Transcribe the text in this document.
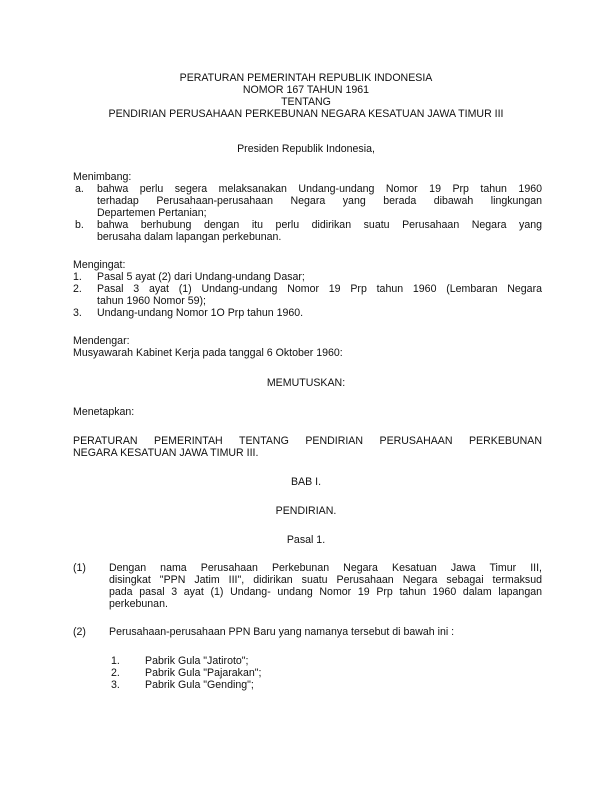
PERATURAN PEMERINTAH REPUBLIK INDONESIA
NOMOR 167 TAHUN 1961
TENTANG
PENDIRIAN PERUSAHAAN PERKEBUNAN NEGARA KESATUAN JAWA TIMUR III
Presiden Republik Indonesia,
Menimbang:
a. bahwa perlu segera melaksanakan Undang-undang Nomor 19 Prp tahun 1960
terhadap Perusahaan-perusahaan Negara yang berada dibawah lingkungan
Departemen Pertanian;
b. bahwa berhubung dengan itu perlu didirikan suatu Perusahaan Negara yang
berusaha dalam lapangan perkebunan.
Mengingat:
1. Pasal 5 ayat (2) dari Undang-undang Dasar;
2. Pasal 3 ayat (1) Undang-undang Nomor 19 Prp tahun 1960 (Lembaran Negara
tahun 1960 Nomor 59);
3. Undang-undang Nomor 1O Prp tahun 1960.
Mendengar:
Musyawarah Kabinet Kerja pada tanggal 6 Oktober 1960:
MEMUTUSKAN:
Menetapkan:
PERATURAN PEMERINTAH TENTANG PENDIRIAN PERUSAHAAN PERKEBUNAN
NEGARA KESATUAN JAWA TIMUR III.
BAB I.
PENDIRIAN.
Pasal 1.
(1) Dengan nama Perusahaan Perkebunan Negara Kesatuan Jawa Timur III,
disingkat "PPN Jatim III", didirikan suatu Perusahaan Negara sebagai termaksud
pada pasal 3 ayat (1) Undang- undang Nomor 19 Prp tahun 1960 dalam lapangan
perkebunan.
(2) Perusahaan-perusahaan PPN Baru yang namanya tersebut di bawah ini :
1. Pabrik Gula "Jatiroto";
2. Pabrik Gula "Pajarakan";
3. Pabrik Gula "Gending";
